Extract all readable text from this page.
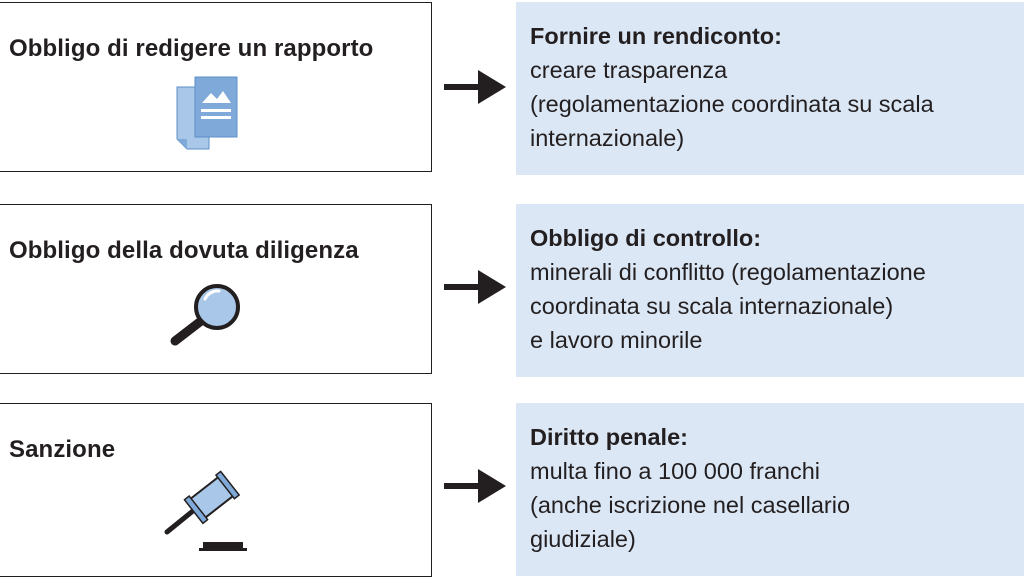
Obbligo di redigere un rapporto	Fornire un rendiconto:
creare trasparenza
(regolamentazione coordinata su scala
internazionale)
Obbligo della dovuta diligenza	Obbligo di controllo:
minerali di conflitto (regolamentazione
coordinata su scala internazionale)
e lavoro minorile
Sanzione	Diritto penale:
multa fino a 100 000 franchi
(anche iscrizione nel casellario
giudiziale)
